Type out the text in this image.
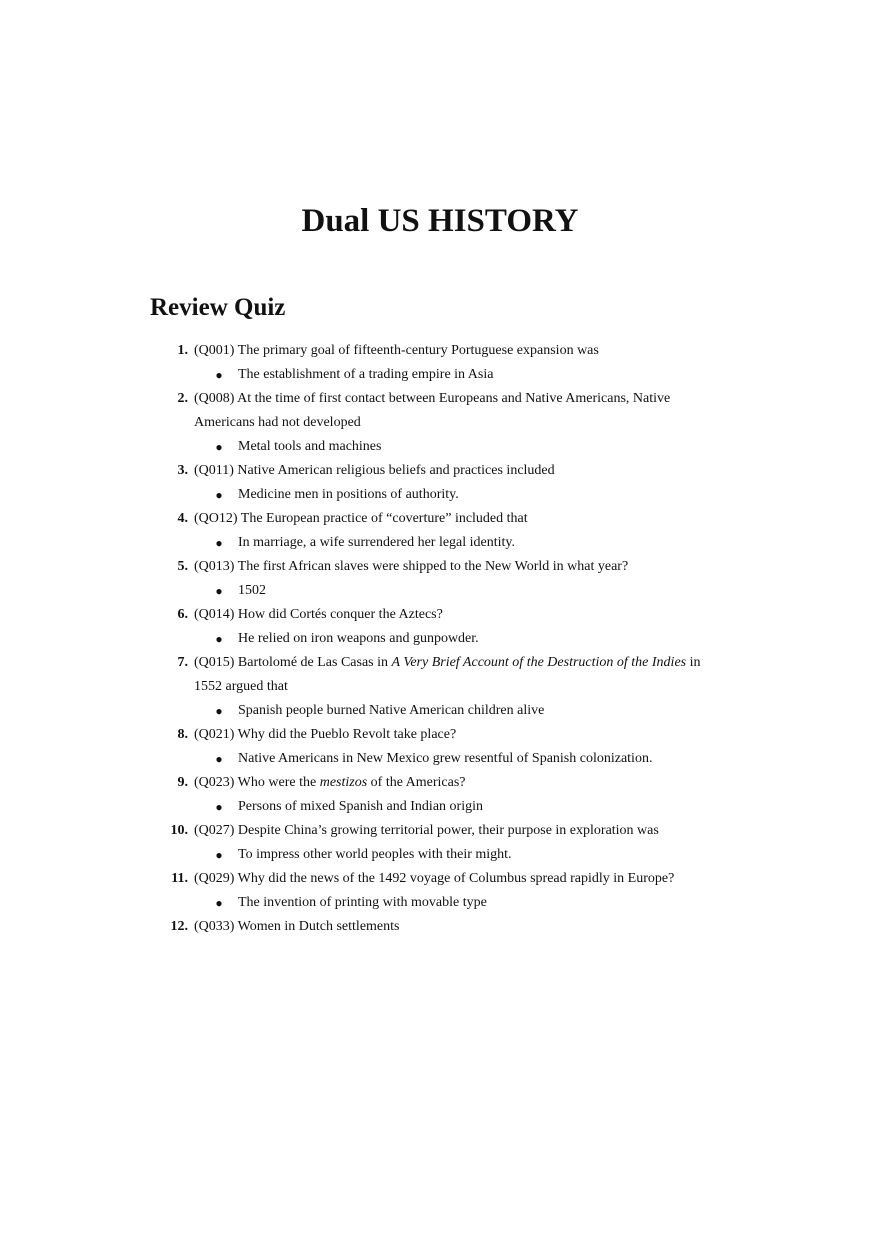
Dual US HISTORY
Review Quiz
1. (Q001) The primary goal of fifteenth-century Portuguese expansion was
●	The establishment of a trading empire in Asia
2. (Q008) At the time of first contact between Europeans and Native Americans, Native Americans had not developed
●	Metal tools and machines
3. (Q011) Native American religious beliefs and practices included
●	Medicine men in positions of authority.
4. (QO12) The European practice of “coverture” included that
●	In marriage, a wife surrendered her legal identity.
5. (Q013) The first African slaves were shipped to the New World in what year?
●	1502
6. (Q014) How did Cortés conquer the Aztecs?
●	He relied on iron weapons and gunpowder.
7. (Q015) Bartolomé de Las Casas in A Very Brief Account of the Destruction of the Indies in 1552 argued that
●	Spanish people burned Native American children alive
8. (Q021) Why did the Pueblo Revolt take place?
●	Native Americans in New Mexico grew resentful of Spanish colonization.
9. (Q023) Who were the mestizos of the Americas?
●	Persons of mixed Spanish and Indian origin
10. (Q027) Despite China’s growing territorial power, their purpose in exploration was
●	To impress other world peoples with their might.
11. (Q029) Why did the news of the 1492 voyage of Columbus spread rapidly in Europe?
●	The invention of printing with movable type
12. (Q033) Women in Dutch settlements
